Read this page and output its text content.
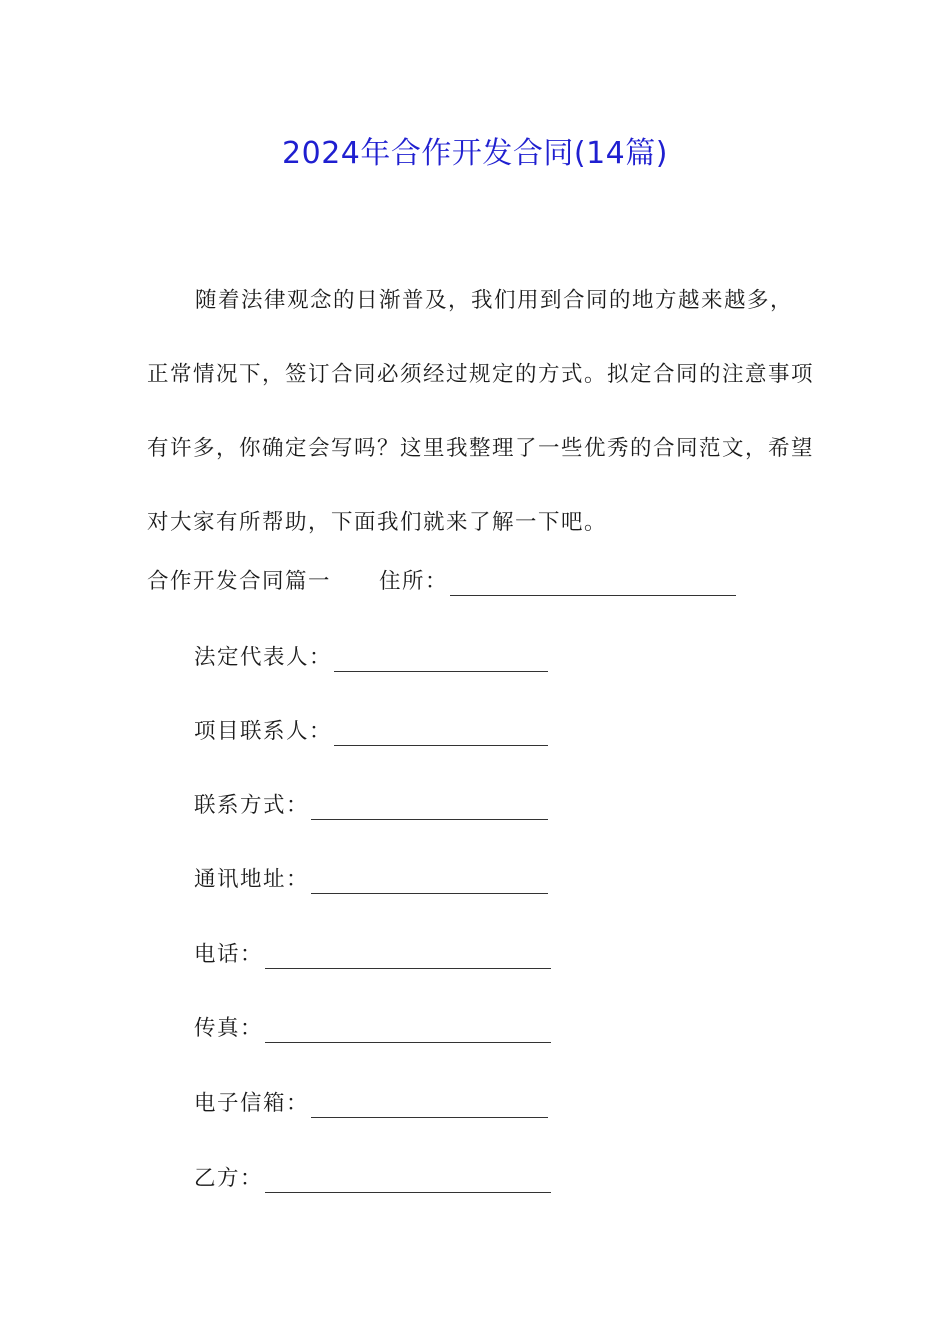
2024年合作开发合同(14篇)

随着法律观念的日渐普及，我们用到合同的地方越来越多，正常情况下，签订合同必须经过规定的方式。拟定合同的注意事项有许多，你确定会写吗？这里我整理了一些优秀的合同范文，希望对大家有所帮助，下面我们就来了解一下吧。

合作开发合同篇一 住所：
法定代表人：
项目联系人：
联系方式：
通讯地址：
电话：
传真：
电子信箱：
乙方：
